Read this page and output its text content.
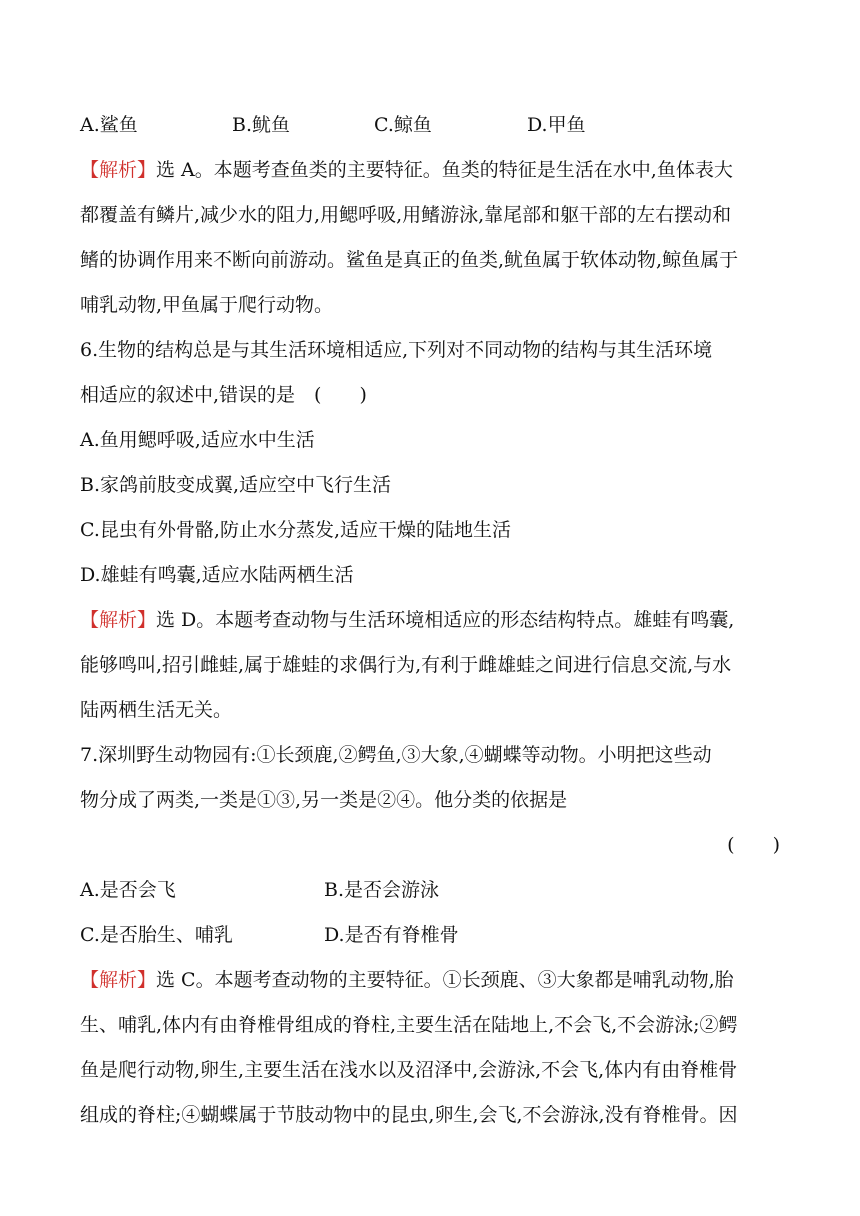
A.鲨鱼	B.鱿鱼	C.鲸鱼	D.甲鱼
【解析】选 A。本题考查鱼类的主要特征。鱼类的特征是生活在水中,鱼体表大
都覆盖有鳞片,减少水的阻力,用鳃呼吸,用鳍游泳,靠尾部和躯干部的左右摆动和
鳍的协调作用来不断向前游动。鲨鱼是真正的鱼类,鱿鱼属于软体动物,鲸鱼属于
哺乳动物,甲鱼属于爬行动物。
6.生物的结构总是与其生活环境相适应,下列对不同动物的结构与其生活环境
相适应的叙述中,错误的是　(　　)
A.鱼用鳃呼吸,适应水中生活
B.家鸽前肢变成翼,适应空中飞行生活
C.昆虫有外骨骼,防止水分蒸发,适应干燥的陆地生活
D.雄蛙有鸣囊,适应水陆两栖生活
【解析】选 D。本题考查动物与生活环境相适应的形态结构特点。雄蛙有鸣囊,
能够鸣叫,招引雌蛙,属于雄蛙的求偶行为,有利于雌雄蛙之间进行信息交流,与水
陆两栖生活无关。
7.深圳野生动物园有:①长颈鹿,②鳄鱼,③大象,④蝴蝶等动物。小明把这些动
物分成了两类,一类是①③,另一类是②④。他分类的依据是
(　　)
A.是否会飞	B.是否会游泳
C.是否胎生、哺乳	D.是否有脊椎骨
【解析】选 C。本题考查动物的主要特征。①长颈鹿、③大象都是哺乳动物,胎
生、哺乳,体内有由脊椎骨组成的脊柱,主要生活在陆地上,不会飞,不会游泳;②鳄
鱼是爬行动物,卵生,主要生活在浅水以及沼泽中,会游泳,不会飞,体内有由脊椎骨
组成的脊柱;④蝴蝶属于节肢动物中的昆虫,卵生,会飞,不会游泳,没有脊椎骨。因
